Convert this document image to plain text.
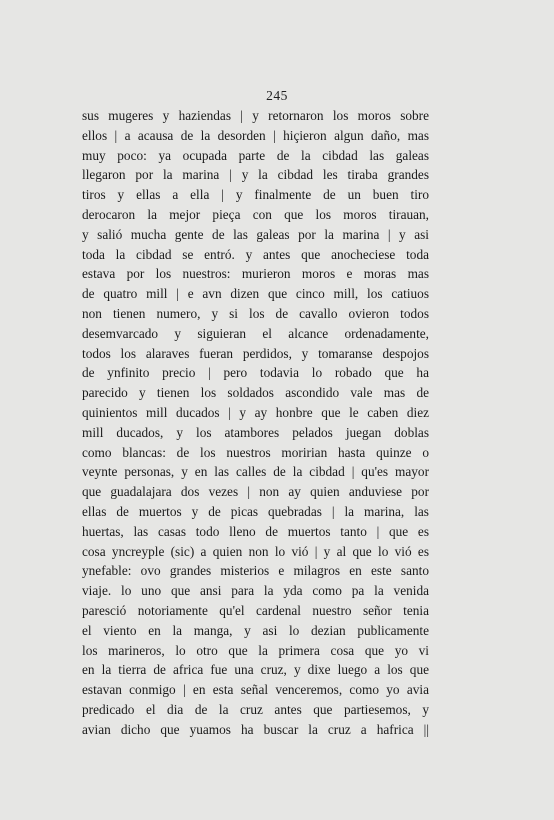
245
sus mugeres y haziendas | y retornaron los moros sobre
ellos | a acausa de la desorden | hiçieron algun daño, mas
muy poco: ya ocupada parte de la cibdad las galeas
llegaron por la marina | y la cibdad les tiraba grandes
tiros y ellas a ella | y finalmente de un buen tiro
derocaron la mejor pieça con que los moros tirauan,
y salió mucha gente de las galeas por la marina | y asi
toda la cibdad se entró. y antes que anocheciese toda
estava por los nuestros: murieron moros e moras mas
de quatro mill | e avn dizen que cinco mill, los catiuos
non tienen numero, y si los de cavallo ovieron todos
desemvarcado y siguieran el alcance ordenadamente,
todos los alaraves fueran perdidos, y tomaranse despojos
de ynfinito precio | pero todavia lo robado que ha
parecido y tienen los soldados ascondido vale mas de
quinientos mill ducados | y ay honbre que le caben diez
mill ducados, y los atambores pelados juegan doblas
como blancas: de los nuestros moririan hasta quinze o
veynte personas, y en las calles de la cibdad | qu'es mayor
que guadalajara dos vezes | non ay quien anduviese por
ellas de muertos y de picas quebradas | la marina, las
huertas, las casas todo lleno de muertos tanto | que es
cosa yncreyple (sic) a quien non lo vió | y al que lo vió es
ynefable: ovo grandes misterios e milagros en este santo
viaje. lo uno que ansi para la yda como pa la venida
paresció notoriamente qu'el cardenal nuestro señor tenia
el viento en la manga, y asi lo dezian publicamente
los marineros, lo otro que la primera cosa que yo vi
en la tierra de africa fue una cruz, y dixe luego a los que
estavan conmigo | en esta señal venceremos, como yo avia
predicado el dia de la cruz antes que partiesemos, y
avian dicho que yuamos ha buscar la cruz a hafrica ||
